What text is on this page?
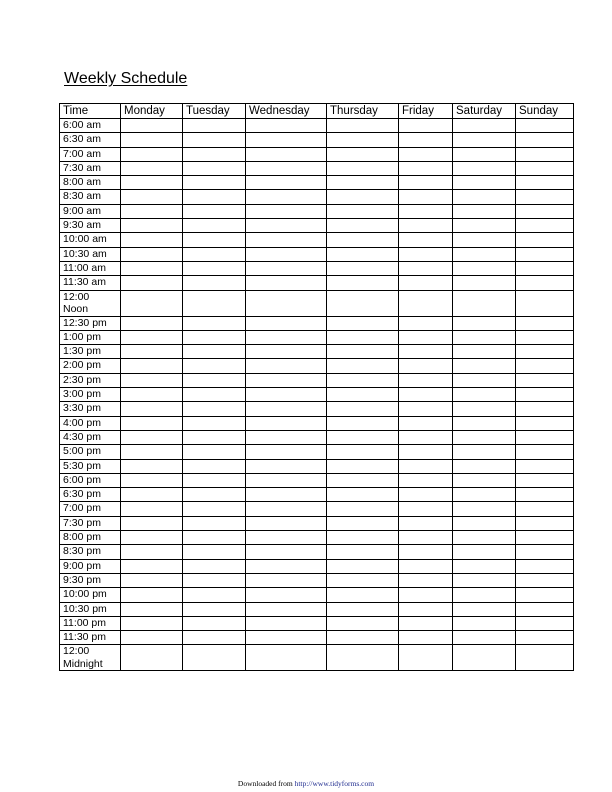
Weekly Schedule
Time	Monday	Tuesday	Wednesday	Thursday	Friday	Saturday	Sunday

6:00 am							

6:30 am							

7:00 am							

7:30 am							

8:00 am							

8:30 am							

9:00 am							

9:30 am							

10:00 am							

10:30 am							

11:00 am							

11:30 am							

12:00 Noon							

12:30 pm							

1:00 pm							

1:30 pm							

2:00 pm							

2:30 pm							

3:00 pm							

3:30 pm							

4:00 pm							

4:30 pm							

5:00 pm							

5:30 pm							

6:00 pm							

6:30 pm							

7:00 pm							

7:30 pm							

8:00 pm							

8:30 pm							

9:00 pm							

9:30 pm							

10:00 pm							

10:30 pm							

11:00 pm							

11:30 pm							

12:00 Midnight							

Downloaded from http://www.tidyforms.com
